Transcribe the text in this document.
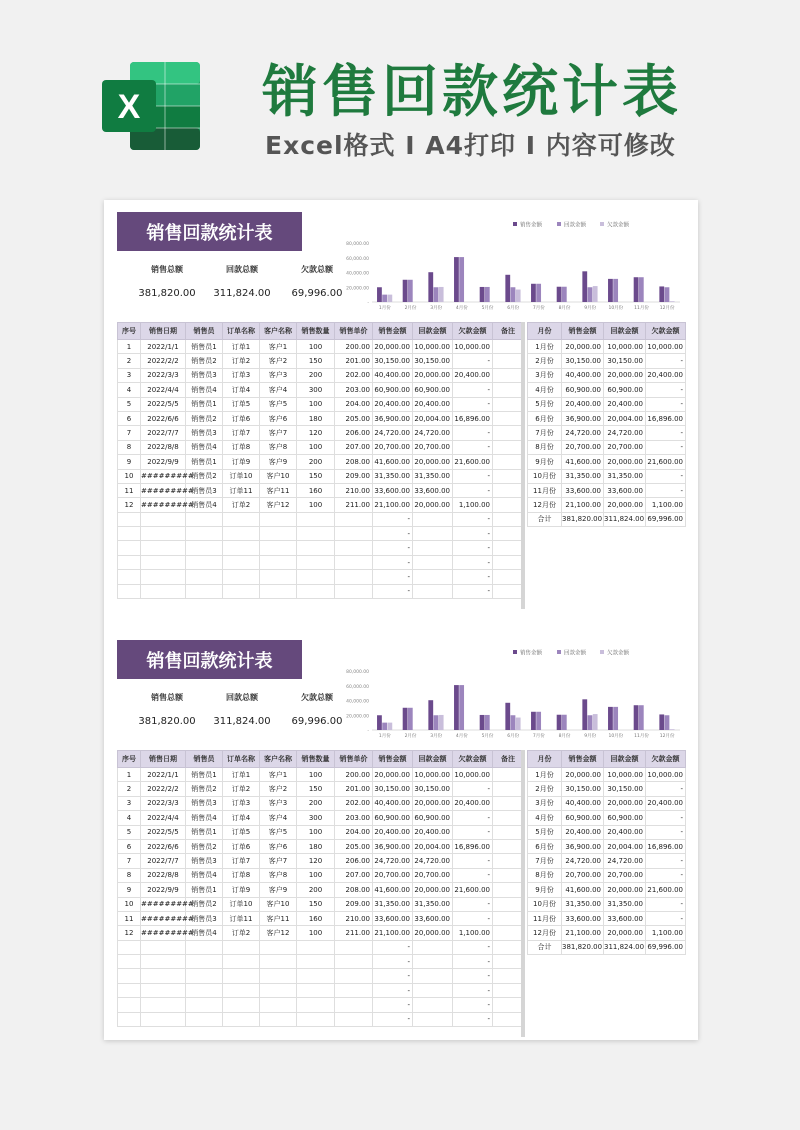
X 销售回款统计表
Excel格式 I A4打印 I 内容可修改
销售回款统计表
销售总额
381,820.00
回款总额
311,824.00
欠款总额
69,996.00
销售金额	回款金额	欠款金额
-
20,000.00
40,000.00
60,000.00
80,000.00
1月份	2月份	3月份	4月份	5月份	6月份	7月份	8月份	9月份	10月份 11月份 12月份
序号	销售日期	销售员	订单名称	客户名称	销售数量	销售单价	销售金额	回款金额	欠款金额	备注
1	2022/1/1	销售员1	订单1	客户1	100	200.00	20,000.00	10,000.00	10,000.00	
2	2022/2/2	销售员2	订单2	客户2	150	201.00	30,150.00	30,150.00	-	
3	2022/3/3	销售员3	订单3	客户3	200	202.00	40,400.00	20,000.00	20,400.00	
4	2022/4/4	销售员4	订单4	客户4	300	203.00	60,900.00	60,900.00	-	
5	2022/5/5	销售员1	订单5	客户5	100	204.00	20,400.00	20,400.00	-	
6	2022/6/6	销售员2	订单6	客户6	180	205.00	36,900.00	20,004.00	16,896.00	
7	2022/7/7	销售员3	订单7	客户7	120	206.00	24,720.00	24,720.00	-	
8	2022/8/8	销售员4	订单8	客户8	100	207.00	20,700.00	20,700.00	-	
9	2022/9/9	销售员1	订单9	客户9	200	208.00	41,600.00	20,000.00	21,600.00	
10	#########	销售员2	订单10	客户10	150	209.00	31,350.00	31,350.00	-	
11	#########	销售员3	订单11	客户11	160	210.00	33,600.00	33,600.00	-	
12	#########	销售员4	订单2	客户12	100	211.00	21,100.00	20,000.00	1,100.00	
							-		-	
							-		-	
							-		-	
							-		-	
							-		-	
							-		-	
月份	销售金额	回款金额	欠款金额
1月份	20,000.00	10,000.00	10,000.00
2月份	30,150.00	30,150.00	-
3月份	40,400.00	20,000.00	20,400.00
4月份	60,900.00	60,900.00	-
5月份	20,400.00	20,400.00	-
6月份	36,900.00	20,004.00	16,896.00
7月份	24,720.00	24,720.00	-
8月份	20,700.00	20,700.00	-
9月份	41,600.00	20,000.00	21,600.00
10月份	31,350.00	31,350.00	-
11月份	33,600.00	33,600.00	-
12月份	21,100.00	20,000.00	1,100.00
合计	381,820.00	311,824.00	69,996.00
销售回款统计表
销售总额
381,820.00
回款总额
311,824.00
欠款总额
69,996.00
销售金额	回款金额	欠款金额
-
20,000.00
40,000.00
60,000.00
80,000.00
1月份	2月份	3月份	4月份	5月份	6月份	7月份	8月份	9月份	10月份 11月份 12月份
序号	销售日期	销售员	订单名称	客户名称	销售数量	销售单价	销售金额	回款金额	欠款金额	备注
1	2022/1/1	销售员1	订单1	客户1	100	200.00	20,000.00	10,000.00	10,000.00	
2	2022/2/2	销售员2	订单2	客户2	150	201.00	30,150.00	30,150.00	-	
3	2022/3/3	销售员3	订单3	客户3	200	202.00	40,400.00	20,000.00	20,400.00	
4	2022/4/4	销售员4	订单4	客户4	300	203.00	60,900.00	60,900.00	-	
5	2022/5/5	销售员1	订单5	客户5	100	204.00	20,400.00	20,400.00	-	
6	2022/6/6	销售员2	订单6	客户6	180	205.00	36,900.00	20,004.00	16,896.00	
7	2022/7/7	销售员3	订单7	客户7	120	206.00	24,720.00	24,720.00	-	
8	2022/8/8	销售员4	订单8	客户8	100	207.00	20,700.00	20,700.00	-	
9	2022/9/9	销售员1	订单9	客户9	200	208.00	41,600.00	20,000.00	21,600.00	
10	#########	销售员2	订单10	客户10	150	209.00	31,350.00	31,350.00	-	
11	#########	销售员3	订单11	客户11	160	210.00	33,600.00	33,600.00	-	
12	#########	销售员4	订单2	客户12	100	211.00	21,100.00	20,000.00	1,100.00	
							-		-	
							-		-	
							-		-	
							-		-	
							-		-	
							-		-	
月份	销售金额	回款金额	欠款金额
1月份	20,000.00	10,000.00	10,000.00
2月份	30,150.00	30,150.00	-
3月份	40,400.00	20,000.00	20,400.00
4月份	60,900.00	60,900.00	-
5月份	20,400.00	20,400.00	-
6月份	36,900.00	20,004.00	16,896.00
7月份	24,720.00	24,720.00	-
8月份	20,700.00	20,700.00	-
9月份	41,600.00	20,000.00	21,600.00
10月份	31,350.00	31,350.00	-
11月份	33,600.00	33,600.00	-
12月份	21,100.00	20,000.00	1,100.00
合计	381,820.00	311,824.00	69,996.00
